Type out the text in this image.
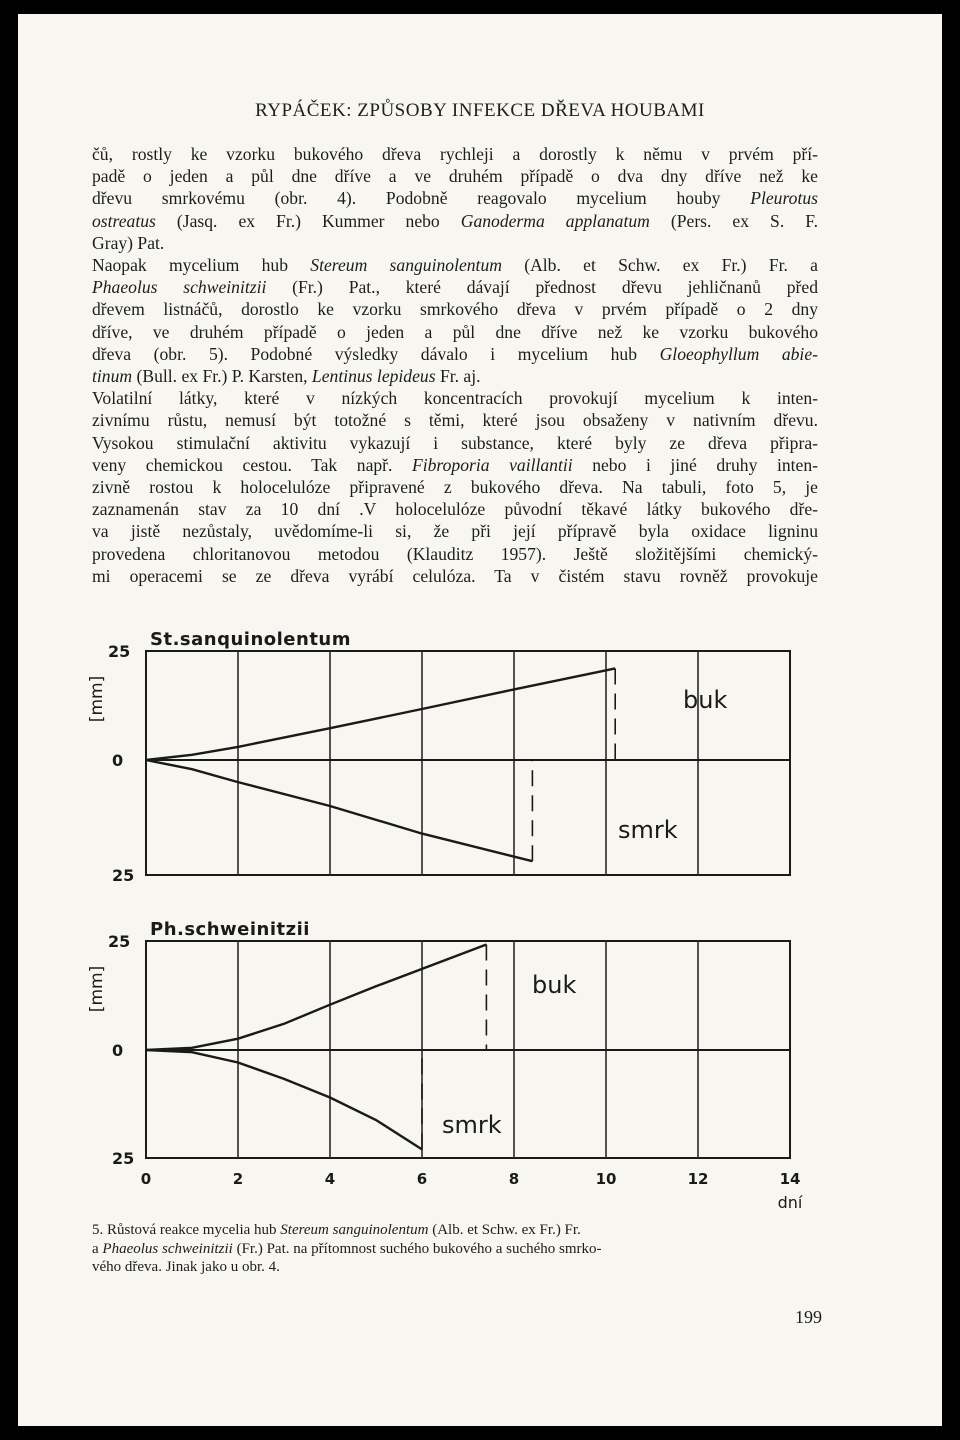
RYPÁČEK: ZPŮSOBY INFEKCE DŘEVA HOUBAMI

čů, rostly ke vzorku bukového dřeva rychleji a dorostly k němu v prvém pří-

padě o jeden a půl dne dříve a ve druhém případě o dva dny dříve než ke

dřevu smrkovému (obr. 4). Podobně reagovalo mycelium houby Pleurotus

ostreatus (Jasq. ex Fr.) Kummer nebo Ganoderma applanatum (Pers. ex S. F.

Gray) Pat.

Naopak mycelium hub Stereum sanguinolentum (Alb. et Schw. ex Fr.) Fr. a

Phaeolus schweinitzii (Fr.) Pat., které dávají přednost dřevu jehličnanů před

dřevem listnáčů, dorostlo ke vzorku smrkového dřeva v prvém případě o 2 dny

dříve, ve druhém případě o jeden a půl dne dříve než ke vzorku bukového

dřeva (obr. 5). Podobné výsledky dávalo i mycelium hub Gloeophyllum abie-

tinum (Bull. ex Fr.) P. Karsten, Lentinus lepideus Fr. aj.

Volatilní látky, které v nízkých koncentracích provokují mycelium k inten-

zivnímu růstu, nemusí být totožné s těmi, které jsou obsaženy v nativním dřevu.

Vysokou stimulační aktivitu vykazují i substance, které byly ze dřeva připra-

veny chemickou cestou. Tak např. Fibroporia vaillantii nebo i jiné druhy inten-

zivně rostou k holocelulóze připravené z bukového dřeva. Na tabuli, foto 5, je

zaznamenán stav za 10 dní .V holocelulóze původní těkavé látky bukového dře-

va jistě nezůstaly, uvědomíme-li si, že při její přípravě byla oxidace ligninu

provedena chloritanovou metodou (Klauditz 1957). Ještě složitějšími chemický-

mi operacemi se ze dřeva vyrábí celulóza. Ta v čistém stavu rovněž provokuje

St.sanquinolentum
[mm]
25
0
25
buk
smrk
Ph.schweinitzii
[mm]
25
0
25
buk
smrk
0	2	4	6	8	10	12	14
dní

5. Růstová reakce mycelia hub Stereum sanguinolentum (Alb. et Schw. ex Fr.) Fr.

a Phaeolus schweinitzii (Fr.) Pat. na přítomnost suchého bukového a suchého smrko-

vého dřeva. Jinak jako u obr. 4.

199
